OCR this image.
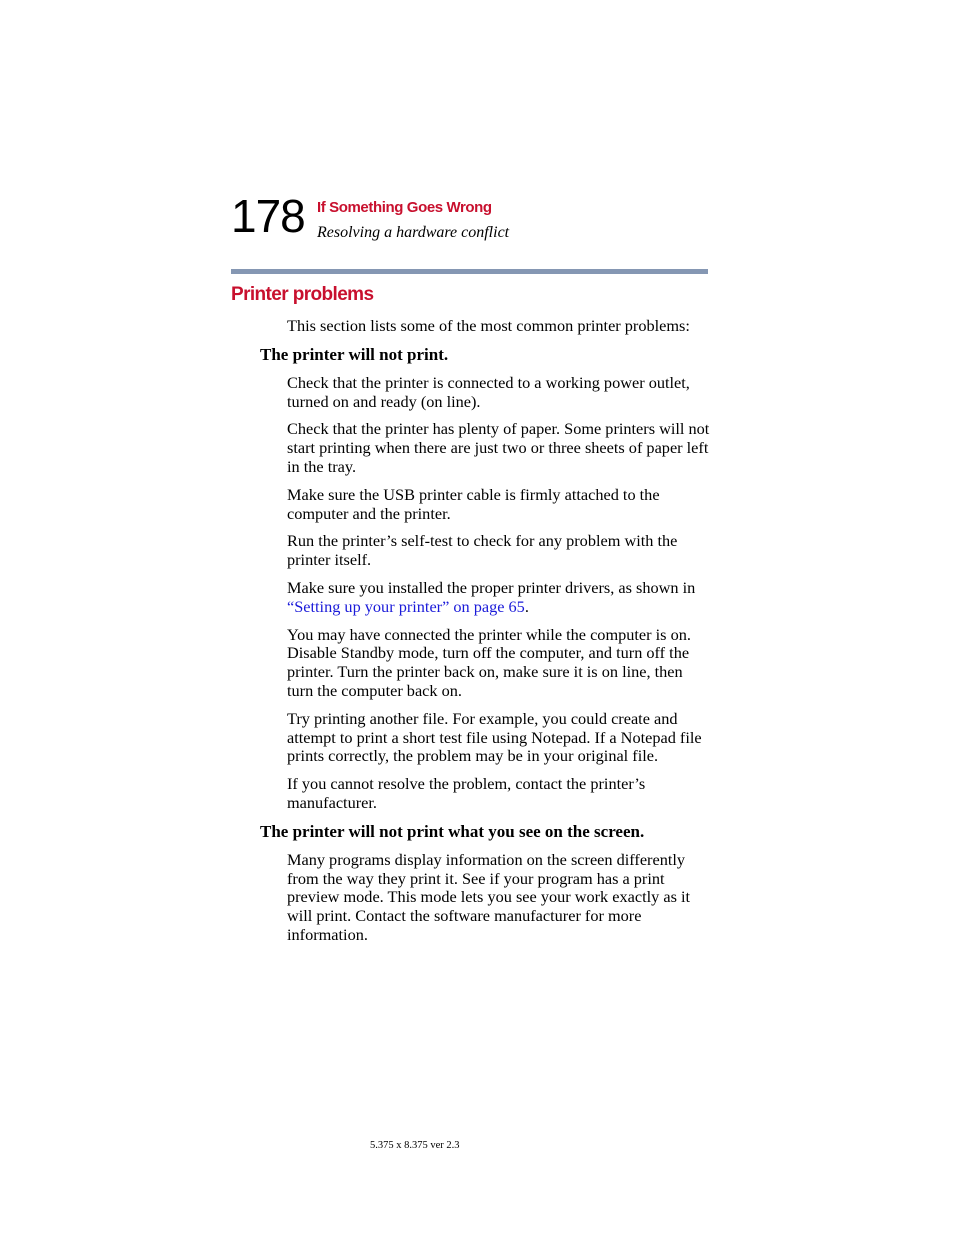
178 If Something Goes Wrong
Resolving a hardware conflict
Printer problems

This section lists some of the most common printer problems:

The printer will not print.

Check that the printer is connected to a working power outlet, turned on and ready (on line).

Check that the printer has plenty of paper. Some printers will not start printing when there are just two or three sheets of paper left in the tray.

Make sure the USB printer cable is firmly attached to the computer and the printer.

Run the printer’s self-test to check for any problem with the printer itself.

Make sure you installed the proper printer drivers, as shown in “Setting up your printer” on page 65.

You may have connected the printer while the computer is on. Disable Standby mode, turn off the computer, and turn off the printer. Turn the printer back on, make sure it is on line, then turn the computer back on.

Try printing another file. For example, you could create and attempt to print a short test file using Notepad. If a Notepad file prints correctly, the problem may be in your original file.

If you cannot resolve the problem, contact the printer’s manufacturer.

The printer will not print what you see on the screen.

Many programs display information on the screen differently from the way they print it. See if your program has a print preview mode. This mode lets you see your work exactly as it will print. Contact the software manufacturer for more information.

5.375 x 8.375 ver 2.3
